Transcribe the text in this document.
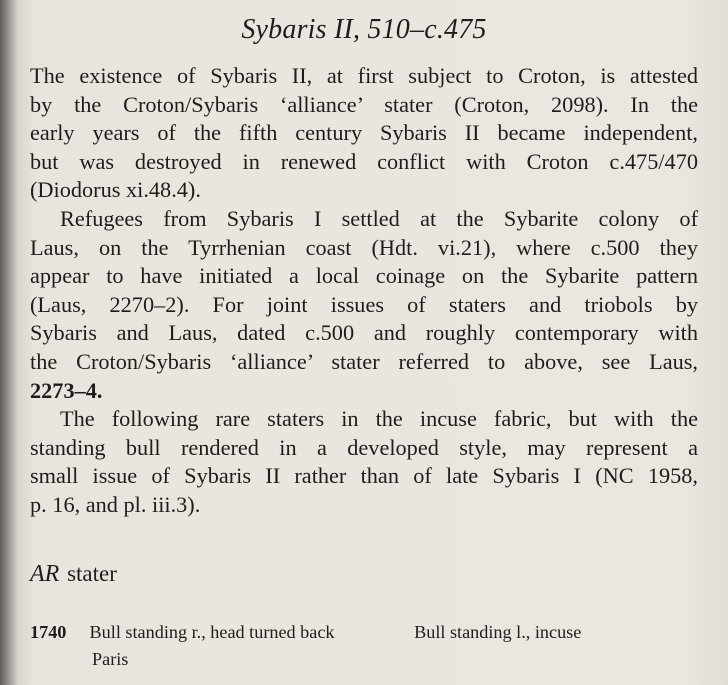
Sybaris II, 510–c.475
The existence of Sybaris II, at first subject to Croton, is attested
by the Croton/Sybaris ‘alliance’ stater (Croton, 2098). In the
early years of the fifth century Sybaris II became independent,
but was destroyed in renewed conflict with Croton c.475/470
(Diodorus xi.48.4).
Refugees from Sybaris I settled at the Sybarite colony of
Laus, on the Tyrrhenian coast (Hdt. vi.21), where c.500 they
appear to have initiated a local coinage on the Sybarite pattern
(Laus, 2270–2). For joint issues of staters and triobols by
Sybaris and Laus, dated c.500 and roughly contemporary with
the Croton/Sybaris ‘alliance’ stater referred to above, see Laus,
2273–4.
The following rare staters in the incuse fabric, but with the
standing bull rendered in a developed style, may represent a
small issue of Sybaris II rather than of late Sybaris I (NC 1958,
p. 16, and pl. iii.3).
AR stater
1740 Bull standing r., head turned back	Bull standing l., incuse
Paris
